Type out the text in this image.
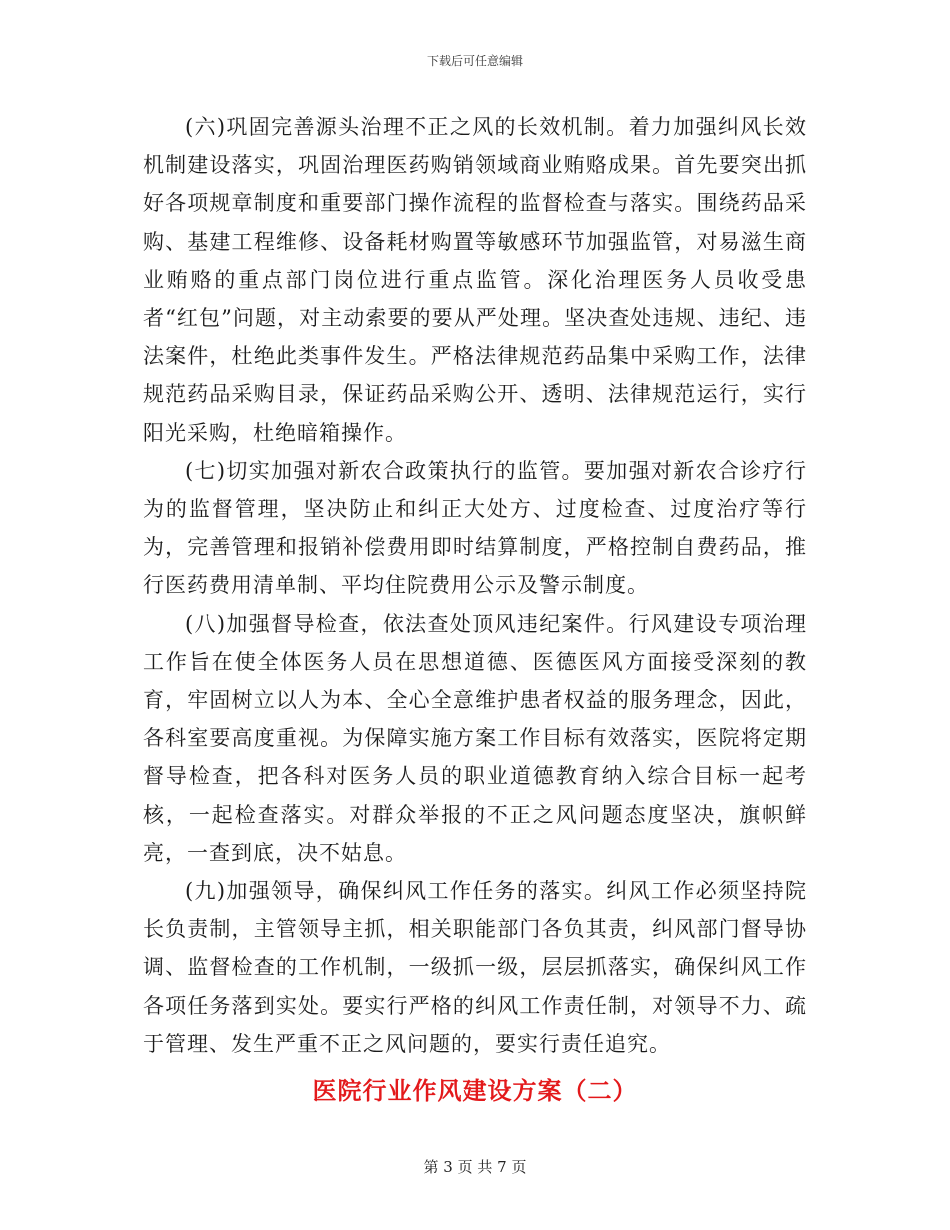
下载后可任意编辑

(六)巩固完善源头治理不正之风的长效机制。着力加强纠风长效机制建设落实，巩固治理医药购销领域商业贿赂成果。首先要突出抓好各项规章制度和重要部门操作流程的监督检查与落实。围绕药品采购、基建工程维修、设备耗材购置等敏感环节加强监管，对易滋生商业贿赂的重点部门岗位进行重点监管。深化治理医务人员收受患者“红包”问题，对主动索要的要从严处理。坚决查处违规、违纪、违法案件，杜绝此类事件发生。严格法律规范药品集中采购工作，法律规范药品采购目录，保证药品采购公开、透明、法律规范运行，实行阳光采购，杜绝暗箱操作。

(七)切实加强对新农合政策执行的监管。要加强对新农合诊疗行为的监督管理，坚决防止和纠正大处方、过度检查、过度治疗等行为，完善管理和报销补偿费用即时结算制度，严格控制自费药品，推行医药费用清单制、平均住院费用公示及警示制度。

(八)加强督导检查，依法查处顶风违纪案件。行风建设专项治理工作旨在使全体医务人员在思想道德、医德医风方面接受深刻的教育，牢固树立以人为本、全心全意维护患者权益的服务理念，因此，各科室要高度重视。为保障实施方案工作目标有效落实，医院将定期督导检查，把各科对医务人员的职业道德教育纳入综合目标一起考核，一起检查落实。对群众举报的不正之风问题态度坚决，旗帜鲜亮，一查到底，决不姑息。

(九)加强领导，确保纠风工作任务的落实。纠风工作必须坚持院长负责制，主管领导主抓，相关职能部门各负其责，纠风部门督导协调、监督检查的工作机制，一级抓一级，层层抓落实，确保纠风工作各项任务落到实处。要实行严格的纠风工作责任制，对领导不力、疏于管理、发生严重不正之风问题的，要实行责任追究。

医院行业作风建设方案（二）
第 3 页 共 7 页
